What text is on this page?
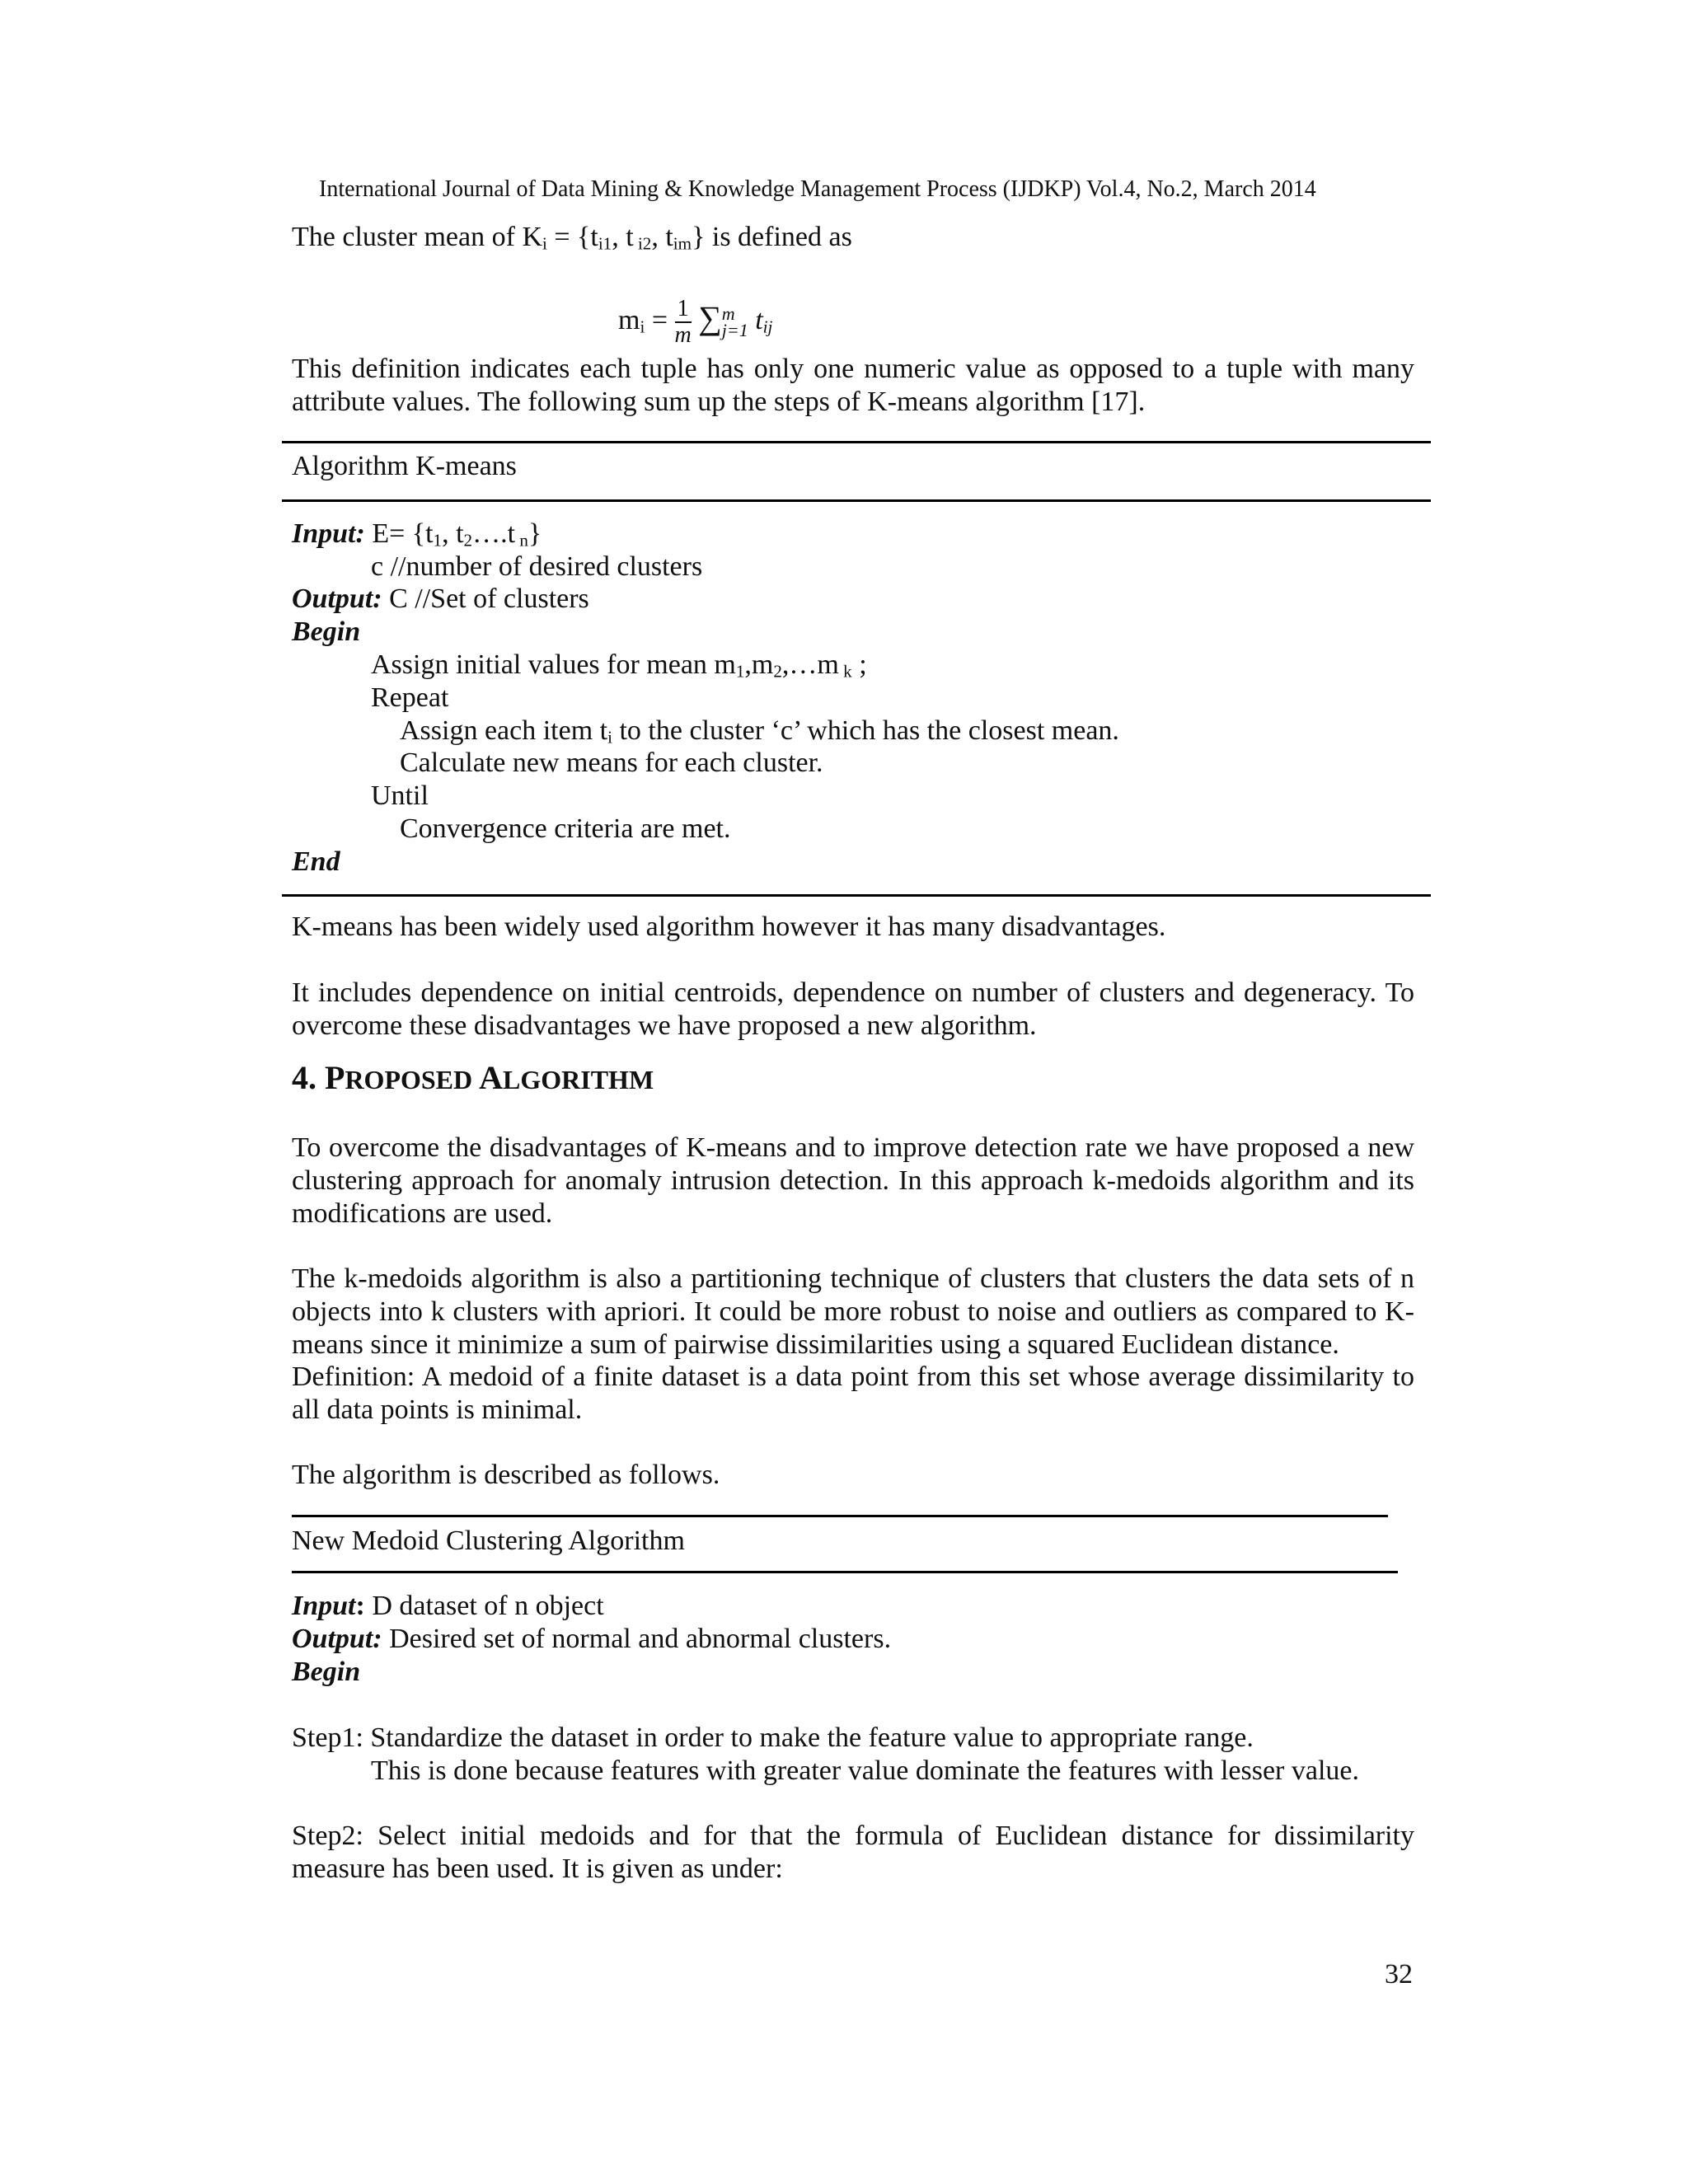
International Journal of Data Mining & Knowledge Management Process (IJDKP) Vol.4, No.2, March 2014
The cluster mean of $K_i = \{t_{i1}$, t $_{i2}$, $t_{im}$} is defined as
$m_i = \frac{1}{m}$ ∑ m
j=1 $t_{ij}$
This definition indicates each tuple has only one numeric value as opposed to a tuple with many attribute values. The following sum up the steps of K-means algorithm [17].
Algorithm K-means
Input: $E= \{t_1$, $t_2\dots.t$ $_n$}
c //number of desired clusters
Output: C //Set of clusters
Begin
Assign initial values for mean $m_1,m_2,\dots m$ $_k$ ;
Repeat
Assign each item $t_i$ to the cluster ‘c’ which has the closest mean.
Calculate new means for each cluster.
Until
Convergence criteria are met.
End
K-means has been widely used algorithm however it has many disadvantages.
It includes dependence on initial centroids, dependence on number of clusters and degeneracy. To overcome these disadvantages we have proposed a new algorithm.
4. PROPOSED ALGORITHM
To overcome the disadvantages of K-means and to improve detection rate we have proposed a new clustering approach for anomaly intrusion detection. In this approach k-medoids algorithm and its modifications are used.
The k-medoids algorithm is also a partitioning technique of clusters that clusters the data sets of n objects into k clusters with apriori. It could be more robust to noise and outliers as compared to K-means since it minimize a sum of pairwise dissimilarities using a squared Euclidean distance.
Definition: A medoid of a finite dataset is a data point from this set whose average dissimilarity to all data points is minimal.
The algorithm is described as follows.
New Medoid Clustering Algorithm
Input: D dataset of n object
Output: Desired set of normal and abnormal clusters.
Begin
Step1: Standardize the dataset in order to make the feature value to appropriate range.
This is done because features with greater value dominate the features with lesser value.
Step2: Select initial medoids and for that the formula of Euclidean distance for dissimilarity measure has been used. It is given as under:
32
